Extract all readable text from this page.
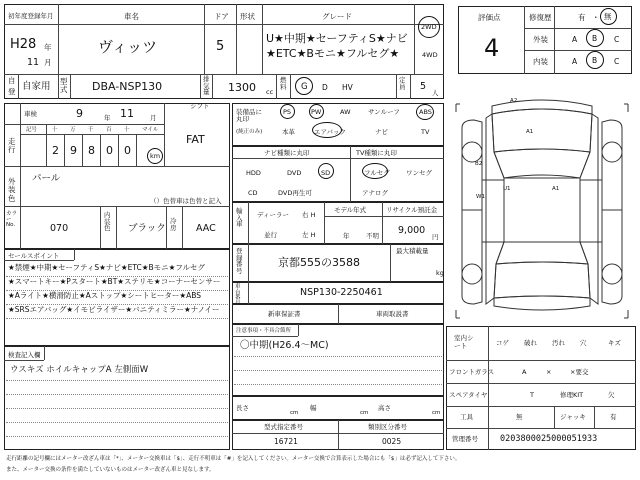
初年度登録年月
H28 年
11 月
車名
ヴィッツ
ドア
5
形状	グレード
U★中期★セーフティS★ナビ
★ETC★Bモニ★フルセグ★
2WD
4WD
自
登 自家用 型式 DBA-NSP130
排気量 1300 cc
燃料 G D HV
定員 5
人
評価点
4
修復歴	有 ・ 無
外装	A B C
内装	A B C
車検	9	年 11 月
シフト
FAT
走行
記号	十 万 千 百 十 マイル
2 9 8 0 0	km
外装色
パール
（）色替車は色替と記入
カラーNo.	070
内装色 ブラック
冷房 AAC
セールスポイント
★禁煙★中期★セーフティS★ナビ★ETC★Bモニ★フルセグ
★スマートキー★Pスタート★BT★ステリモ★コーナーセンサー
★Aライト★横滑防止★Aストップ★シートヒーター★ABS
★SRSエアバッグ★イモビライザー★バニティミラー★ナノイー
検査記入欄
ウスキズ ホイルキャップA 左側面W
装備品に丸印
(純正のみ)
PS	PW	AW	サンルーフ	ABS
本革	エアバック	ナビ	TV
ナビ種類に丸印
HDD	DVD	SD
CD	DVD再生可
TV種類に丸印
フルセグ	ワンセグ
アナログ
輸入車
ディーラー
並行
右 H
左 H
モデル年式
年	不明
リサイクル預託金
9,000
円
登録番号
京都555の3588
最大積載量
kg
車台番	NSP130-2250461
新車保証書	車両取説書
注意事項・不具合箇所
〇中期(H26.4〜MC)
長さ
cm
幅
cm
高さ
cm
型式指定番号
16721
類別区分番号
0025
A2
A1
U1
B2
W1
A1
室内シート	コゲ 破れ 汚れ 穴	キズ
フロントガラス	A	×	×要交
スペアタイヤ	T	修理KIT	欠
工具	無	ジャッキ	有
管理番号	0203800025000051933
走行距離の記号欄にはメーター改ざん車は「*」、メーター交換車は「$」、走行不明車は「#」を記入してください。メーター交換で合算表示した場合にも「$」は必ず記入して下さい。
また、メーター交換の条件を満たしていないものはメーター改ざん車と見なします。
